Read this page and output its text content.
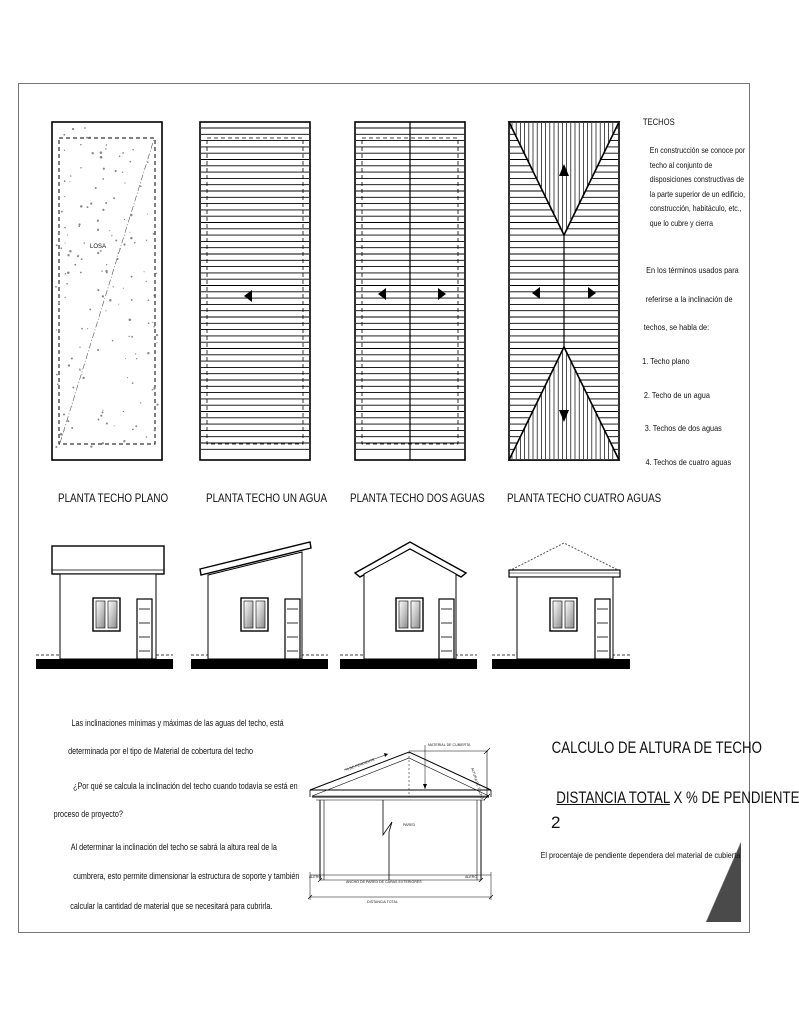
MATERIAL DE CUBIERTA
ALTURA DE TECHO
% DE PENDIENTE
PARED
ANCHO DE PARED DE CARAS EXTERIORES
DISTANCIA TOTAL
ALERO	ALERO
PLANTA TECHO PLANO	PLANTA TECHO UN AGUA PLANTA TECHO DOS AGUAS PLANTA TECHO CUATRO AGUAS
LOSA
TECHOS
En construcción se conoce por techo al conjunto de disposiciones constructivas de la parte superior de un edificio, construcción, habitáculo, etc., que lo cubre y cierra
En los términos usados para
referirse a la inclinación de
techos, se habla de:
1. Techo plano
2. Techo de un agua
3. Techos de dos aguas
4. Techos de cuatro aguas
Las inclinaciones mínimas y máximas de las aguas del techo, está
determinada por el tipo de Material de cobertura del techo
¿Por qué se calcula la inclinación del techo cuando todavía se está en
proceso de proyecto?
Al determinar la inclinación del techo se sabrá la altura real de la
cumbrera, esto permite dimensionar la estructura de soporte y también
calcular la cantidad de material que se necesitará para cubrirla.
CALCULO DE ALTURA DE TECHO
DISTANCIA TOTAL X % DE PENDIENTE
2
El procentaje de pendiente dependera del material de cubierta
